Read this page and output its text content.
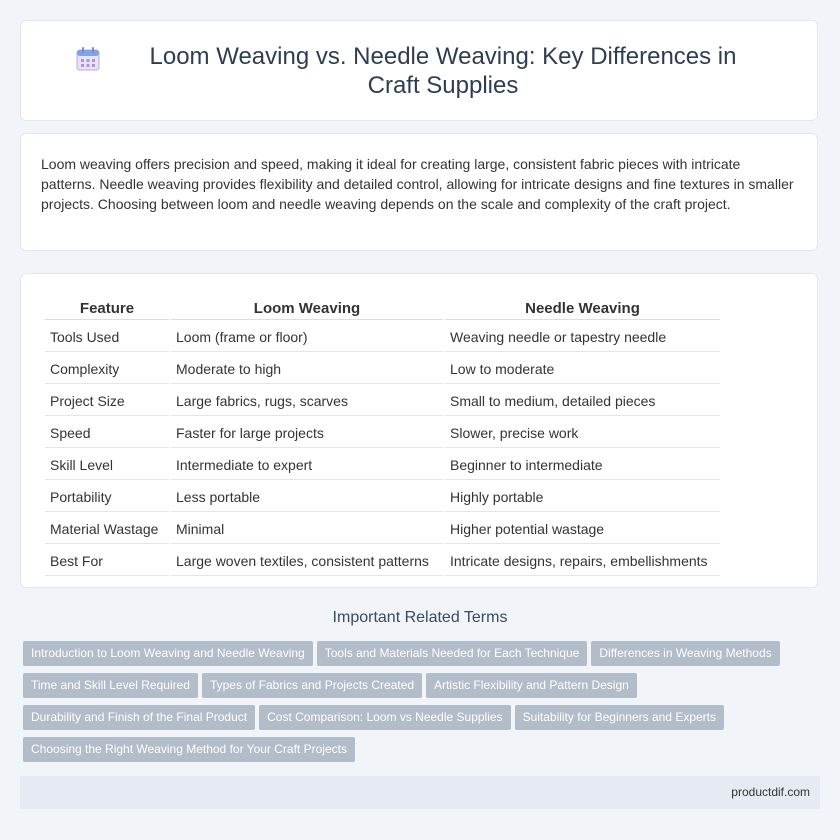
Loom Weaving vs. Needle Weaving: Key Differences in Craft Supplies

Loom weaving offers precision and speed, making it ideal for creating large, consistent fabric pieces with intricate patterns. Needle weaving provides flexibility and detailed control, allowing for intricate designs and fine textures in smaller projects. Choosing between loom and needle weaving depends on the scale and complexity of the craft project.

Feature	Loom Weaving	Needle Weaving
Tools Used	Loom (frame or floor)	Weaving needle or tapestry needle
Complexity	Moderate to high	Low to moderate
Project Size	Large fabrics, rugs, scarves	Small to medium, detailed pieces
Speed	Faster for large projects	Slower, precise work
Skill Level	Intermediate to expert	Beginner to intermediate
Portability	Less portable	Highly portable
Material Wastage	Minimal	Higher potential wastage
Best For	Large woven textiles, consistent patterns	Intricate designs, repairs, embellishments
Important Related Terms
Introduction to Loom Weaving and Needle Weaving Tools and Materials Needed for Each Technique Differences in Weaving Methods
Time and Skill Level Required Types of Fabrics and Projects Created Artistic Flexibility and Pattern Design
Durability and Finish of the Final Product Cost Comparison: Loom vs Needle Supplies Suitability for Beginners and Experts
Choosing the Right Weaving Method for Your Craft Projects
productdif.com
